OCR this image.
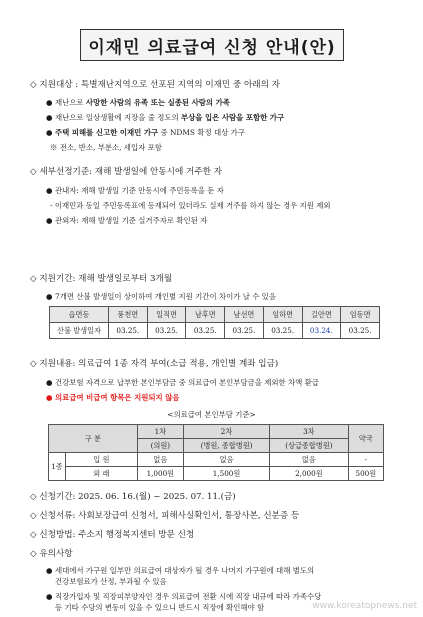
이재민 의료급여 신청 안내(안)
◇ 지원대상 : 특별재난지역으로 선포된 지역의 이재민 중 아래의 자
● 재난으로 사망한 사람의 유족 또는 실종된 사람의 가족
● 재난으로 일상생활에 지장을 줄 정도의 부상을 입은 사람을 포함한 가구
● 주택 피해를 신고한 이재민 가구 중 NDMS 확정 대상 가구
※ 전소, 반소, 부분소, 세입자 포함
◇ 세부선정기준: 재해 발생일에 안동시에 거주한 자
● 관내자: 재해 발생일 기준 안동시에 주민등록을 둔 자
- 이재민과 동일 주민등록표에 등재되어 있더라도 실제 거주를 하지 않는 경우 지원 제외
● 관외자: 재해 발생일 기준 실거주자로 확인된 자
◇ 지원기간: 재해 발생일로부터 3개월
● 7개면 산불 발생일이 상이하여 개인별 지원 기간이 차이가 날 수 있음
읍면동	풍천면	일직면	남후면	남선면	임하면	길안면	임동면
산불 발생일자	03.25.	03.25.	03.25.	03.25.	03.25.	03.24.	03.25.
◇ 지원내용: 의료급여 1종 자격 부여(소급 적용, 개인별 계좌 입금)
● 건강보험 자격으로 납부한 본인부담금 중 의료급여 본인부담금을 제외한 차액 환급
● 의료급여 비급여 항목은 지원되지 않음
<의료급여 본인부담 기준>
구 분		1차	2차	3차	약국
		(의원)	(병원, 종합병원)	(상급종합병원)	
1종	입 원	없음	없음	없음	-
	외 래	1,000원	1,500원	2,000원	500원
◇ 신청기간: 2025. 06. 16.(월) ~ 2025. 07. 11.(금)
◇ 신청서류: 사회보장급여 신청서, 피해사실확인서, 통장사본, 신분증 등
◇ 신청방법: 주소지 행정복지센터 방문 신청
◇ 유의사항
● 세대에서 가구원 일부만 의료급여 대상자가 될 경우 나머지 가구원에 대해 별도의
건강보험료가 산정, 부과될 수 있음
● 직장가입자 및 직장피부양자인 경우 의료급여 전환 시에 직장 내규에 따라 가족수당
등 기타 수당의 변동이 있을 수 있으니 반드시 직장에 확인해야 함	www.koreatopnews.net
